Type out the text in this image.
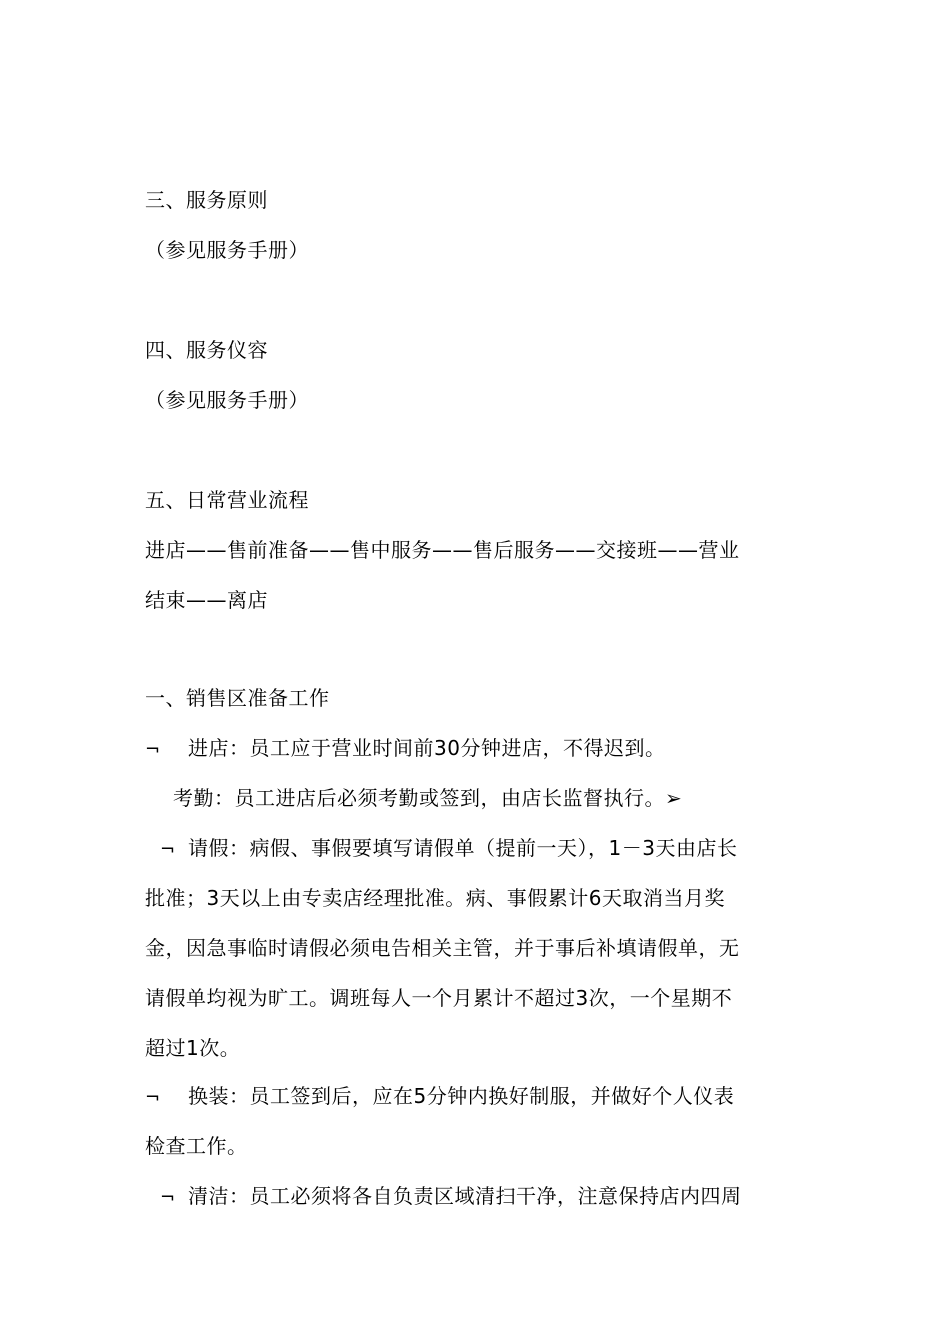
三、服务原则
（参见服务手册）
四、服务仪容
（参见服务手册）
五、日常营业流程
进店——售前准备——售中服务——售后服务——交接班——营业
结束——离店
一、销售区准备工作
¬ 进店：员工应于营业时间前30分钟进店，不得迟到。
考勤：员工进店后必须考勤或签到，由店长监督执行。➢
¬ 请假：病假、事假要填写请假单（提前一天），1－3天由店长
批准；3天以上由专卖店经理批准。病、事假累计6天取消当月奖
金，因急事临时请假必须电告相关主管，并于事后补填请假单，无
请假单均视为旷工。调班每人一个月累计不超过3次，一个星期不
超过1次。
¬ 换装：员工签到后，应在5分钟内换好制服，并做好个人仪表
检查工作。
¬ 清洁：员工必须将各自负责区域清扫干净，注意保持店内四周
